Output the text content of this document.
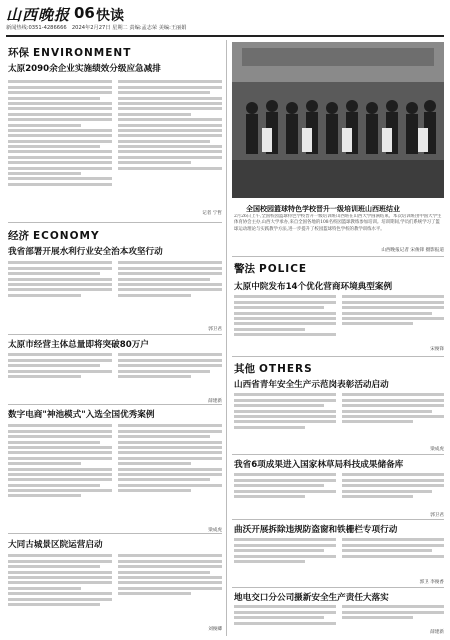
山西晚报 06 快读
新闻热线:0351-4286666　2024年2月27日 星期二 责编:孟志荣 美编:王丽娟
环保 ENVIRONMENT
太原2090余企业实施绩效分级应急减排
记者 宁哲
经济 ECONOMY
我省部署开展水利行业安全治本攻坚行动
郭卫君
太原市经营主体总量即将突破80万户
薛建新
数字电商"神池模式"入选全国优秀案例
梁成虎
大同古城景区院运营启动
刘俊卿
全国校园篮球特色学校晋升一级培训班山西班结业
2月26日上午,全国校园篮球特色学校晋升一级培训班山西班在山西大学圆满结束。本次培训班由中国大学生体育协会主办,山西大学承办,来自全国各地的108名校园篮球教练参加培训。培训期间,学员们系统学习了篮球运动理论与实践教学方法,进一步提升了校园篮球特色学校的教学训练水平。
山西晚报记者 宋俊锋 摄影报道
警法 POLICE
太原中院发布14个优化营商环境典型案例
宋俊锋
其他 OTHERS
山西省青年安全生产示范岗表彰活动启动
梁成虎
我省6项成果进入国家林草局科技成果储备库
郭卫君
曲沃开展拆除违规防盗窗和铁栅栏专项行动
郭卫 李俊香
地电交口分公司摄新安全生产责任大落实
薛建新
